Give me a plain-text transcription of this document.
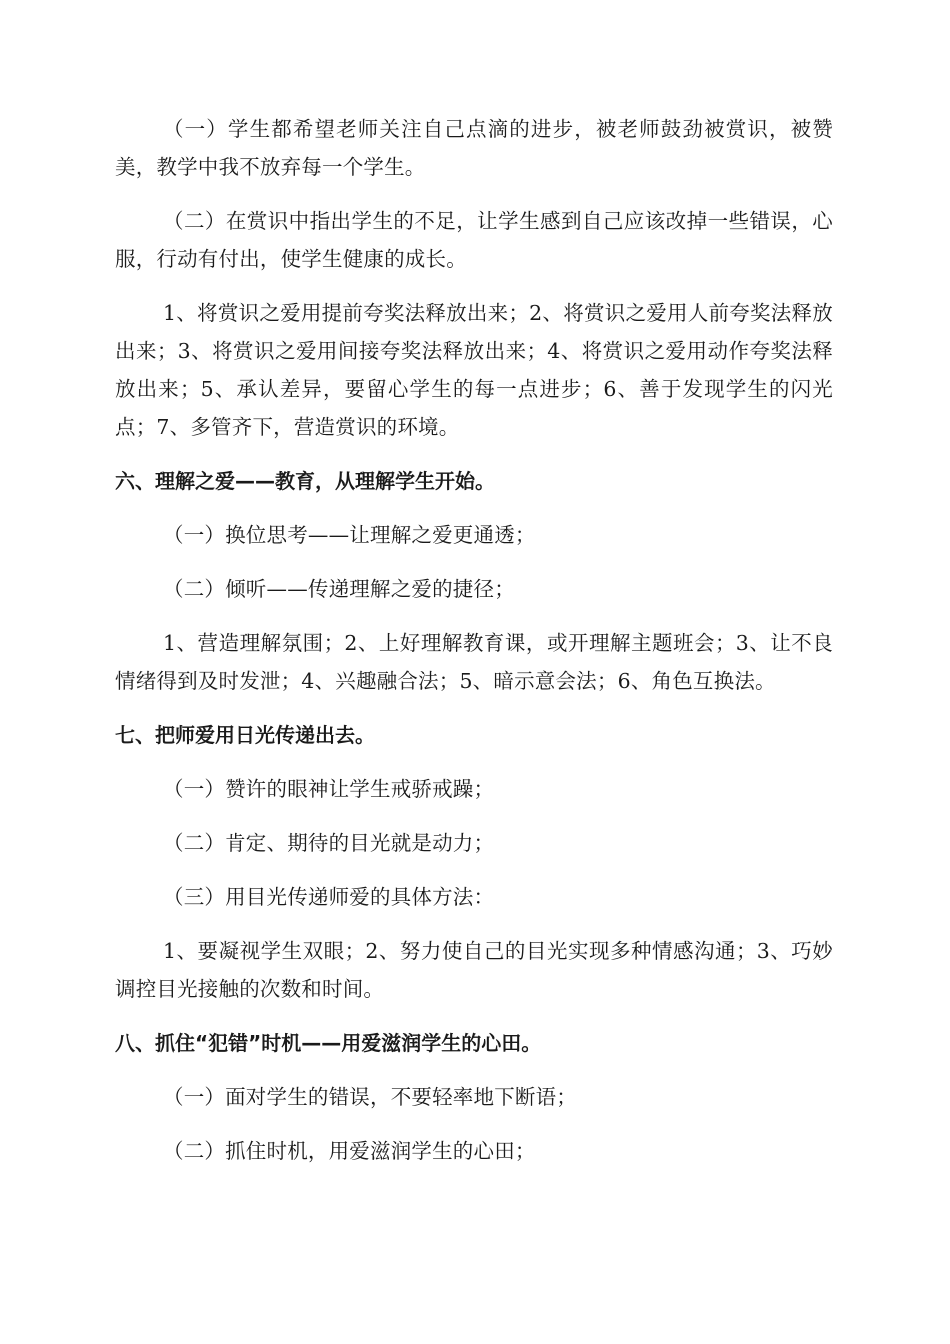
（一）学生都希望老师关注自己点滴的进步，被老师鼓劲被赏识，被赞美，教学中我不放弃每一个学生。

（二）在赏识中指出学生的不足，让学生感到自己应该改掉一些错误，心服，行动有付出，使学生健康的成长。

1、将赏识之爱用提前夸奖法释放出来；2、将赏识之爱用人前夸奖法释放出来；3、将赏识之爱用间接夸奖法释放出来；4、将赏识之爱用动作夸奖法释放出来；5、承认差异，要留心学生的每一点进步；6、善于发现学生的闪光点；7、多管齐下，营造赏识的环境。

六、理解之爱——教育，从理解学生开始。

（一）换位思考——让理解之爱更通透；

（二）倾听——传递理解之爱的捷径；

1、营造理解氛围；2、上好理解教育课，或开理解主题班会；3、让不良情绪得到及时发泄；4、兴趣融合法；5、暗示意会法；6、角色互换法。

七、把师爱用日光传递出去。

（一）赞许的眼神让学生戒骄戒躁；

（二）肯定、期待的目光就是动力；

（三）用目光传递师爱的具体方法：

1、要凝视学生双眼；2、努力使自己的目光实现多种情感沟通；3、巧妙调控目光接触的次数和时间。

八、抓住“犯错”时机——用爱滋润学生的心田。

（一）面对学生的错误，不要轻率地下断语；

（二）抓住时机，用爱滋润学生的心田；
